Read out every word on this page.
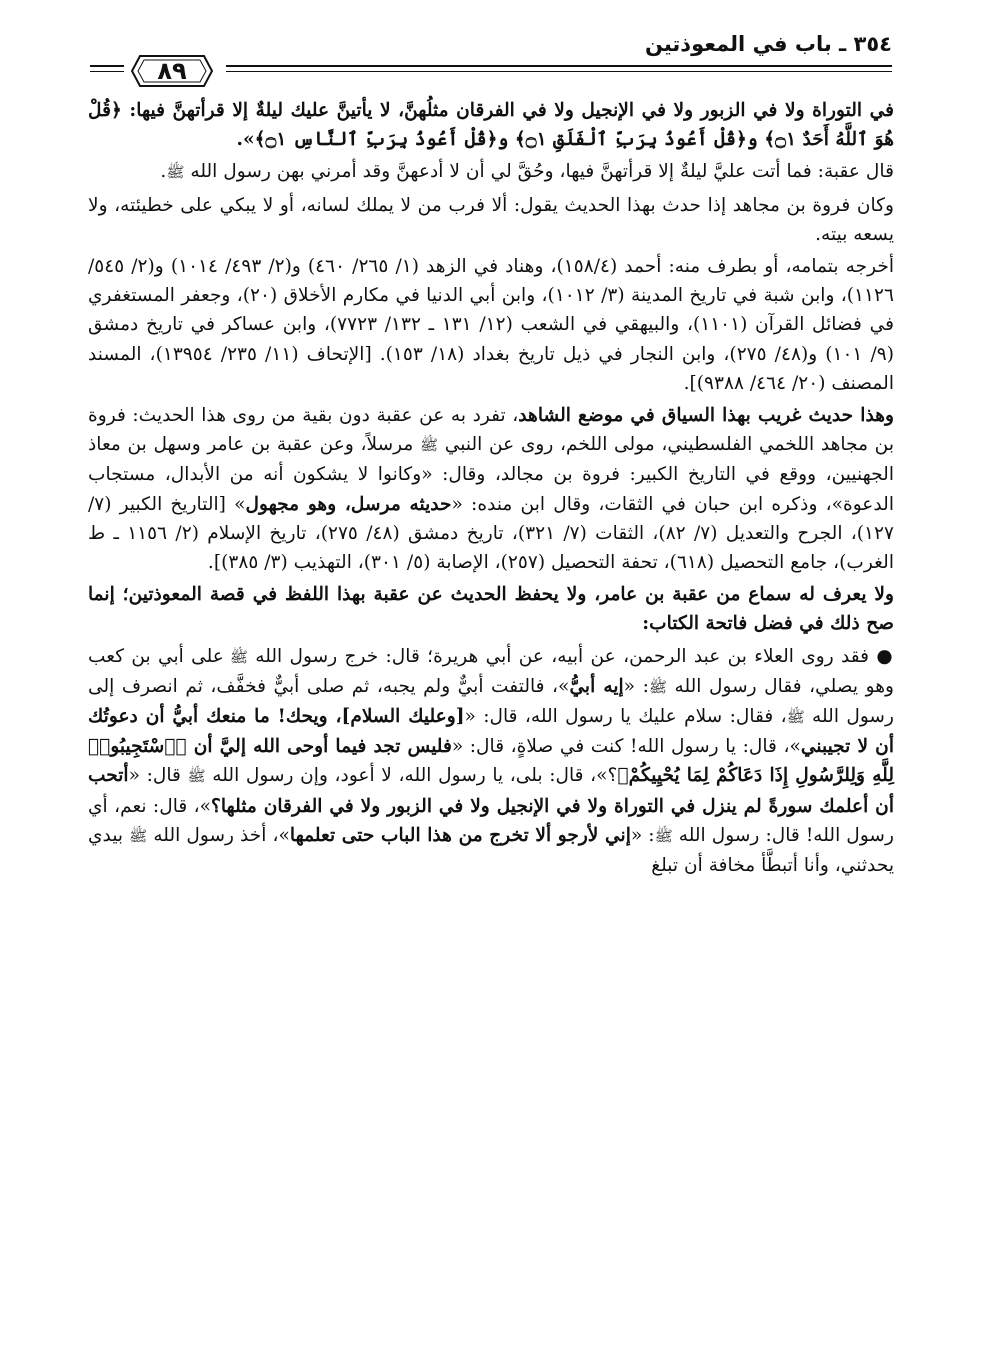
٣٥٤ ـ باب في المعوذتين
٨٩

في التوراة ولا في الزبور ولا في الإنجيل ولا في الفرقان مثلُهنَّ، لا يأتينَّ عليك ليلةٌ إلا قرأتهنَّ فيها: ﴿قُلْ هُوَ ٱللَّهُ أَحَدٌ ۝١﴾ و﴿قُلْ أَعُوذُ بِرَبِّ ٱلْفَلَقِ ۝١﴾ و﴿قُلْ أَعُوذُ بِرَبِّ ٱلنَّاسِ ۝١﴾».

قال عقبة: فما أتت عليَّ ليلةٌ إلا قرأتهنَّ فيها، وحُقَّ لي أن لا أدعهنَّ وقد أمرني بهن رسول الله ﷺ.

وكان فروة بن مجاهد إذا حدث بهذا الحديث يقول: ألا فرب من لا يملك لسانه، أو لا يبكي على خطيئته، ولا يسعه بيته.

أخرجه بتمامه، أو بطرف منه: أحمد (١٥٨/٤)، وهناد في الزهد (١/ ٢٦٥/ ٤٦٠) و(٢/ ٤٩٣/ ١٠١٤) و(٢/ ٥٤٥/ ١١٢٦)، وابن شبة في تاريخ المدينة (٣/ ١٠١٢)، وابن أبي الدنيا في مكارم الأخلاق (٢٠)، وجعفر المستغفري في فضائل القرآن (١١٠١)، والبيهقي في الشعب (١٢/ ١٣١ ـ ١٣٢/ ٧٧٢٣)، وابن عساكر في تاريخ دمشق (٩/ ١٠١) و(٤٨/ ٢٧٥)، وابن النجار في ذيل تاريخ بغداد (١٨/ ١٥٣). [الإتحاف (١١/ ٢٣٥/ ١٣٩٥٤)، المسند المصنف (٢٠/ ٤٦٤/ ٩٣٨٨)].

وهذا حديث غريب بهذا السياق في موضع الشاهد، تفرد به عن عقبة دون بقية من روى هذا الحديث: فروة بن مجاهد اللخمي الفلسطيني، مولى اللخم، روى عن النبي ﷺ مرسلاً، وعن عقبة بن عامر وسهل بن معاذ الجهنيين، ووقع في التاريخ الكبير: فروة بن مجالد، وقال: «وكانوا لا يشكون أنه من الأبدال، مستجاب الدعوة»، وذكره ابن حبان في الثقات، وقال ابن منده: «حديثه مرسل، وهو مجهول» [التاريخ الكبير (٧/ ١٢٧)، الجرح والتعديل (٧/ ٨٢)، الثقات (٧/ ٣٢١)، تاريخ دمشق (٤٨/ ٢٧٥)، تاريخ الإسلام (٢/ ١١٥٦ ـ ط الغرب)، جامع التحصيل (٦١٨)، تحفة التحصيل (٢٥٧)، الإصابة (٥/ ٣٠١)، التهذيب (٣/ ٣٨٥)].

ولا يعرف له سماع من عقبة بن عامر، ولا يحفظ الحديث عن عقبة بهذا اللفظ في قصة المعوذتين؛ إنما صح ذلك في فضل فاتحة الكتاب:

● فقد روى العلاء بن عبد الرحمن، عن أبيه، عن أبي هريرة؛ قال: خرج رسول الله ﷺ على أبي بن كعب وهو يصلي، فقال رسول الله ﷺ: «إيه أبيُّ»، فالتفت أبيٌّ ولم يجبه، ثم صلى أبيٌّ فخفَّف، ثم انصرف إلى رسول الله ﷺ، فقال: سلام عليك يا رسول الله، قال: «[وعليك السلام]، ويحك! ما منعك أبيُّ أن دعوتُك أن لا تجيبني»، قال: يا رسول الله! كنت في صلاةٍ، قال: «فليس تجد فيما أوحى الله إليَّ أن ﴿ٱسْتَجِيبُوا۟ لِلَّهِ وَلِلرَّسُولِ إِذَا دَعَاكُمْ لِمَا يُحْيِيكُمْ﴾؟»، قال: بلى، يا رسول الله، لا أعود، وإن رسول الله ﷺ قال: «أتحب أن أعلمك سورةً لم ينزل في التوراة ولا في الإنجيل ولا في الزبور ولا في الفرقان مثلها؟»، قال: نعم، أي رسول الله! قال: رسول الله ﷺ: «إني لأرجو ألا تخرج من هذا الباب حتى تعلمها»، أخذ رسول الله ﷺ بيدي يحدثني، وأنا أتبطَّأ مخافة أن تبلغ
